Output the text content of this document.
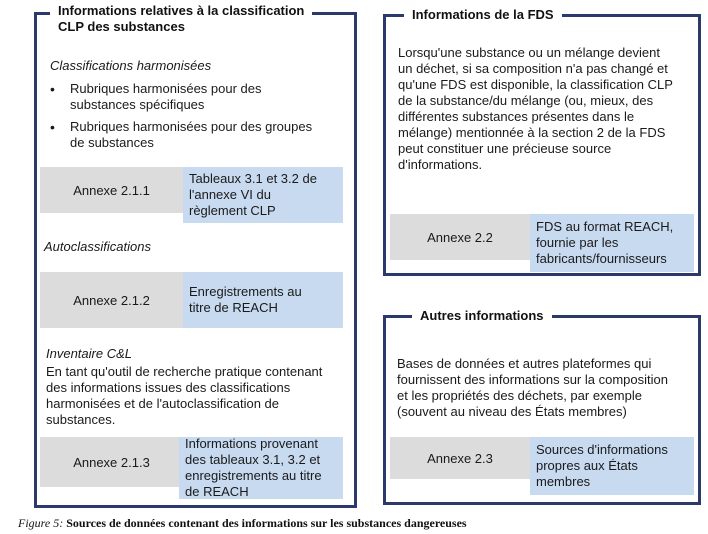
Informations relatives à la classification
CLP des substances
Classifications harmonisées
• Rubriques harmonisées pour des
substances spécifiques
• Rubriques harmonisées pour des groupes
de substances
Annexe 2.1.1
Tableaux 3.1 et 3.2 de
l'annexe VI du
règlement CLP
Autoclassifications
Annexe 2.1.2
Enregistrements au
titre de REACH
Inventaire C&L
En tant qu'outil de recherche pratique contenant
des informations issues des classifications
harmonisées et de l'autoclassification de
substances.
Annexe 2.1.3
Informations provenant
des tableaux 3.1, 3.2 et
enregistrements au titre
de REACH
Informations de la FDS
Lorsqu'une substance ou un mélange devient
un déchet, si sa composition n'a pas changé et
qu'une FDS est disponible, la classification CLP
de la substance/du mélange (ou, mieux, des
différentes substances présentes dans le
mélange) mentionnée à la section 2 de la FDS
peut constituer une précieuse source
d'informations.
Annexe 2.2
FDS au format REACH,
fournie par les
fabricants/fournisseurs
Autres informations
Bases de données et autres plateformes qui
fournissent des informations sur la composition
et les propriétés des déchets, par exemple
(souvent au niveau des États membres)
Annexe 2.3
Sources d'informations
propres aux États
membres
Figure 5: Sources de données contenant des informations sur les substances dangereuses
